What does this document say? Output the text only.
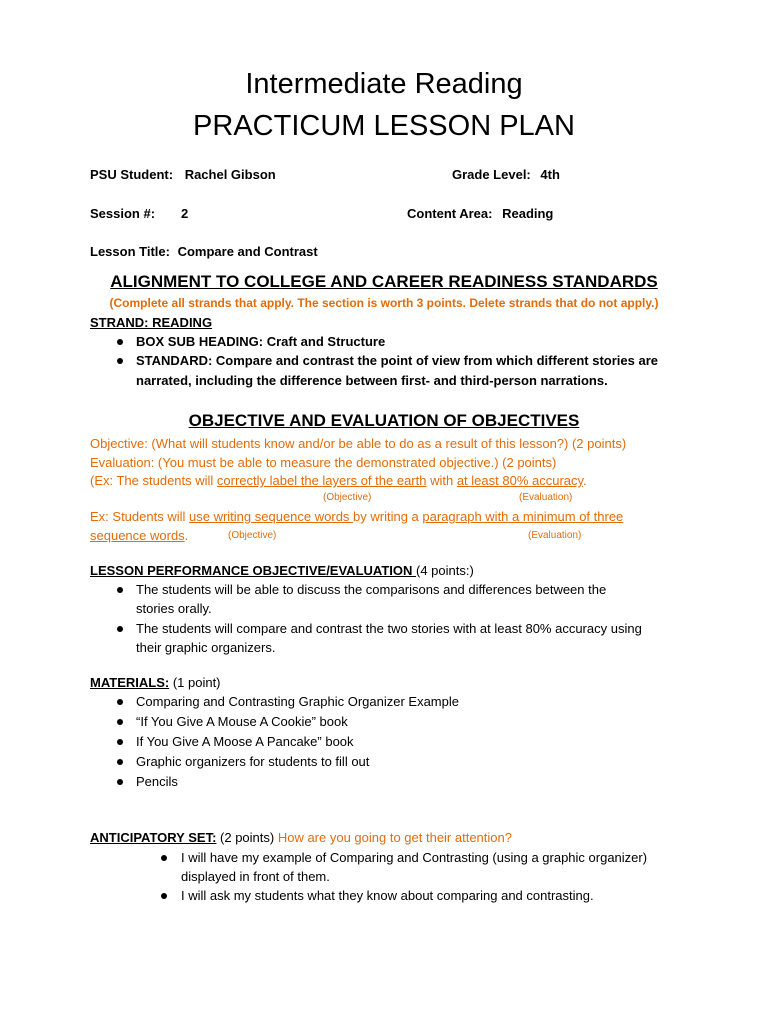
Intermediate Reading
PRACTICUM LESSON PLAN
PSU Student: Rachel Gibson	Grade Level: 4th
Session #: 2	Content Area: Reading
Lesson Title: Compare and Contrast
ALIGNMENT TO COLLEGE AND CAREER READINESS STANDARDS
(Complete all strands that apply. The section is worth 3 points. Delete strands that do not apply.)
STRAND: READING
BOX SUB HEADING: Craft and Structure
STANDARD: Compare and contrast the point of view from which different stories are
narrated, including the difference between first- and third-person narrations.
OBJECTIVE AND EVALUATION OF OBJECTIVES
Objective: (What will students know and/or be able to do as a result of this lesson?) (2 points)
Evaluation: (You must be able to measure the demonstrated objective.) (2 points)
(Ex: The students will correctly label the layers of the earth with at least 80% accuracy.
(Objective)	(Evaluation)
Ex: Students will use writing sequence words by writing a paragraph with a minimum of three
sequence words.	(Objective)	(Evaluation)
LESSON PERFORMANCE OBJECTIVE/EVALUATION (4 points:)
The students will be able to discuss the comparisons and differences between the
stories orally.
The students will compare and contrast the two stories with at least 80% accuracy using
their graphic organizers.
MATERIALS: (1 point)
Comparing and Contrasting Graphic Organizer Example
“If You Give A Mouse A Cookie” book
If You Give A Moose A Pancake” book
Graphic organizers for students to fill out
Pencils
ANTICIPATORY SET: (2 points) How are you going to get their attention?
I will have my example of Comparing and Contrasting (using a graphic organizer)
displayed in front of them.
I will ask my students what they know about comparing and contrasting.
